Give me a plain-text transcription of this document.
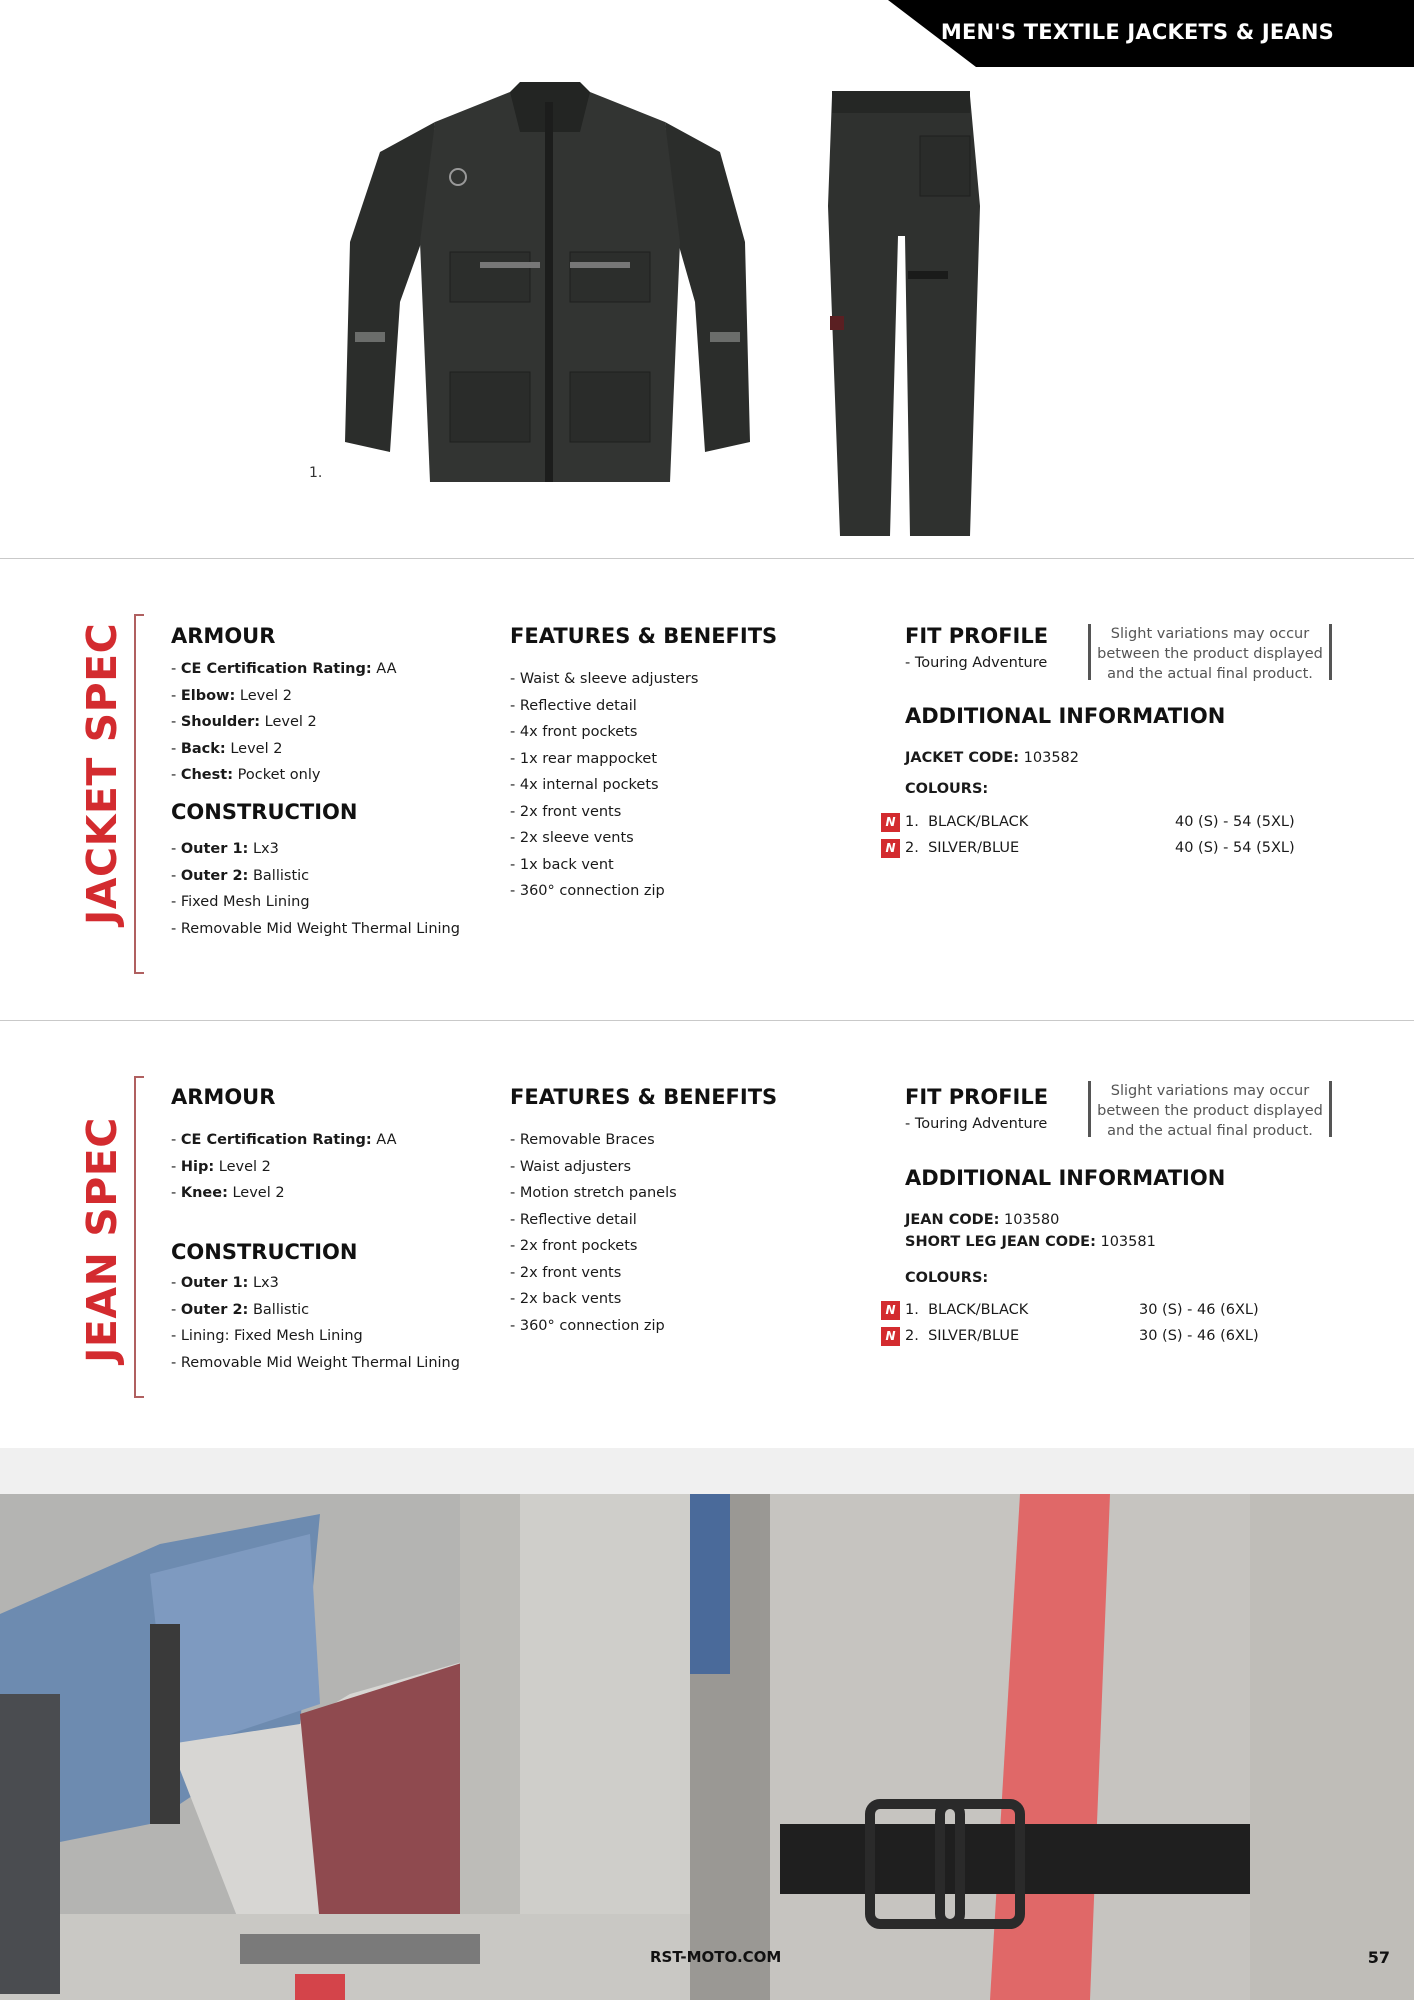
MEN'S TEXTILE JACKETS & JEANS
1.
JACKET SPEC ARMOUR
- CE Certification Rating: AA
- Elbow: Level 2
- Shoulder: Level 2
- Back: Level 2
- Chest: Pocket only
CONSTRUCTION
- Outer 1: Lx3
- Outer 2: Ballistic
- Fixed Mesh Lining
- Removable Mid Weight Thermal Lining
FEATURES & BENEFITS
- Waist & sleeve adjusters
- Reflective detail
- 4x front pockets
- 1x rear mappocket
- 4x internal pockets
- 2x front vents
- 2x sleeve vents
- 1x back vent
- 360° connection zip
FIT PROFILE
- Touring Adventure
Slight variations may occur between the product displayed and the actual final product.
ADDITIONAL INFORMATION
JACKET CODE: 103582
COLOURS:
N 1. BLACK/BLACK	40 (S) - 54 (5XL)
N 2. SILVER/BLUE	40 (S) - 54 (5XL)
JEAN SPEC
ARMOUR
- CE Certification Rating: AA
- Hip: Level 2
- Knee: Level 2
CONSTRUCTION
- Outer 1: Lx3
- Outer 2: Ballistic
- Lining: Fixed Mesh Lining
- Removable Mid Weight Thermal Lining
FEATURES & BENEFITS
- Removable Braces
- Waist adjusters
- Motion stretch panels
- Reflective detail
- 2x front pockets
- 2x front vents
- 2x back vents
- 360° connection zip
FIT PROFILE
- Touring Adventure
Slight variations may occur between the product displayed and the actual final product.
ADDITIONAL INFORMATION
JEAN CODE: 103580
SHORT LEG JEAN CODE: 103581
COLOURS:
N 1. BLACK/BLACK	30 (S) - 46 (6XL)
N 2. SILVER/BLUE	30 (S) - 46 (6XL)
RST-MOTO.COM	57
